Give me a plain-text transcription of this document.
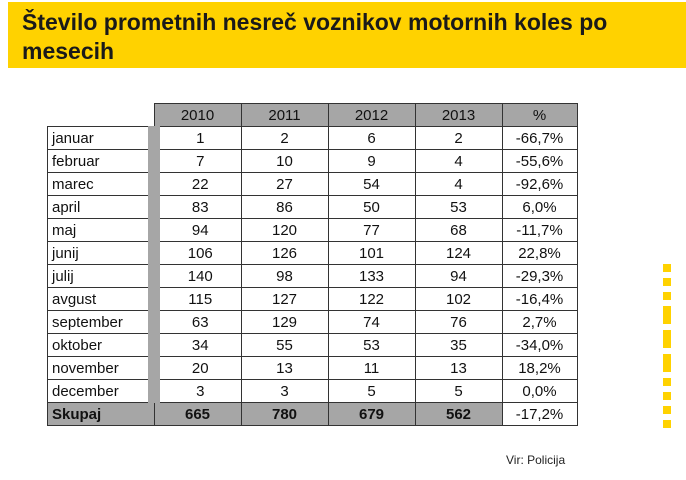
Število prometnih nesreč voznikov motornih koles po mesecih
	2010	2011	2012	2013	%
januar	1	2	6	2	-66,7%
februar	7	10	9	4	-55,6%
marec	22	27	54	4	-92,6%
april	83	86	50	53	6,0%
maj	94	120	77	68	-11,7%
junij	106	126	101	124	22,8%
julij	140	98	133	94	-29,3%
avgust	115	127	122	102	-16,4%
september	63	129	74	76	2,7%
oktober	34	55	53	35	-34,0%
november	20	13	11	13	18,2%
december	3	3	5	5	0,0%
Skupaj	665	780	679	562	-17,2%
Vir: Policija
